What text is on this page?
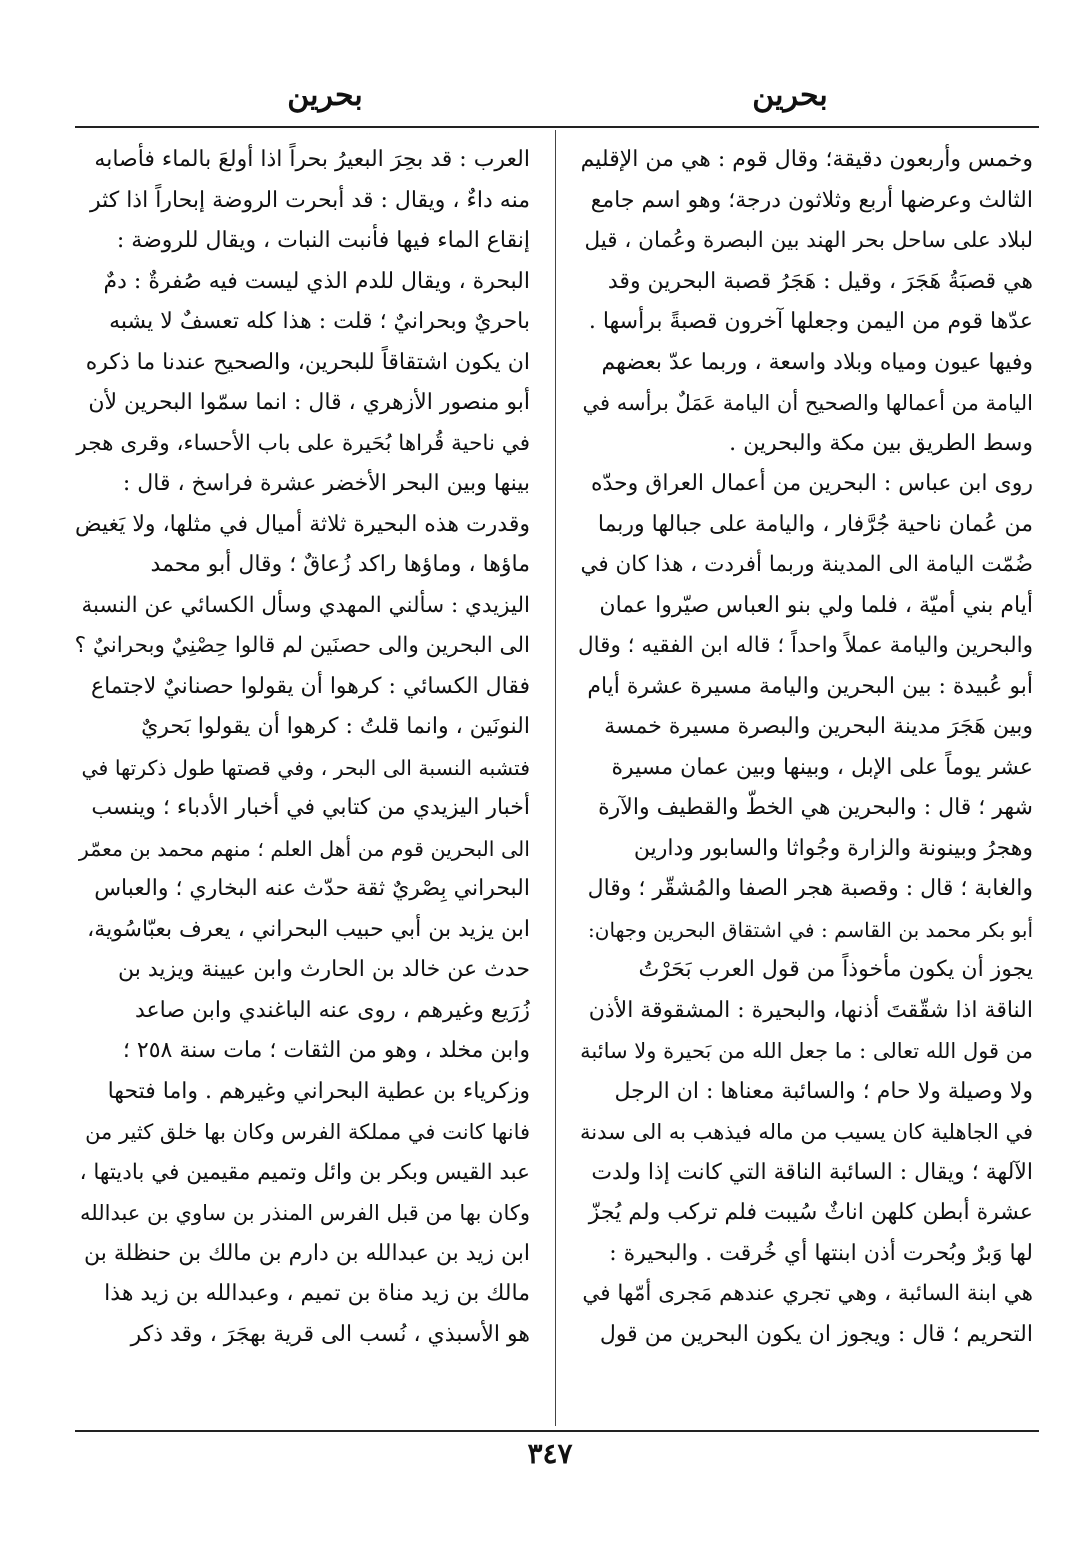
بحرين
بحرين
وخمس وأربعون دقيقة؛ وقال قوم : هي من الإقليم
الثالث وعرضها أربع وثلاثون درجة؛ وهو اسم جامع
لبلاد على ساحل بحر الهند بين البصرة وعُمان ، قيل
هي قصبَةُ هَجَرَ ، وقيل : هَجَرُ قصبة البحرين وقد
عدّها قوم من اليمن وجعلها آخرون قصبةً برأسها .
وفيها عيون ومياه وبلاد واسعة ، وربما عدّ بعضهم
اليامة من أعمالها والصحيح أن اليامة عَمَلٌ برأسه في
وسط الطريق بين مكة والبحرين .
روى ابن عباس : البحرين من أعمال العراق وحدّه
من عُمان ناحية جُرَّفار ، واليامة على جبالها وربما
ضُمّت اليامة الى المدينة وربما أفردت ، هذا كان في
أيام بني أميّة ، فلما ولي بنو العباس صيّروا عمان
والبحرين واليامة عملاً واحداً ؛ قاله ابن الفقيه ؛ وقال
أبو عُبيدة : بين البحرين واليامة مسيرة عشرة أيام
وبين هَجَرَ مدينة البحرين والبصرة مسيرة خمسة
عشر يوماً على الإبل ، وبينها وبين عمان مسيرة
شهر ؛ قال : والبحرين هي الخطّ والقطيف والآرة
وهجرُ وبينونة والزارة وجُواثا والسابور ودارين
والغابة ؛ قال : وقصبة هجر الصفا والمُشقّر ؛ وقال
أبو بكر محمد بن القاسم : في اشتقاق البحرين وجهان:
يجوز أن يكون مأخوذاً من قول العرب بَحَرْتُ
الناقة اذا شقّقتَ أذنها، والبحيرة : المشقوقة الأذن
من قول الله تعالى : ما جعل الله من بَحيرة ولا سائبة
ولا وصيلة ولا حام ؛ والسائبة معناها : ان الرجل
في الجاهلية كان يسيب من ماله فيذهب به الى سدنة
الآلهة ؛ ويقال : السائبة الناقة التي كانت إذا ولدت
عشرة أبطن كلهن اناثٌ سُيبت فلم تركب ولم يُجزّ
لها وَبرٌ وبُحرت أذن ابنتها أي خُرقت . والبحيرة :
هي ابنة السائبة ، وهي تجري عندهم مَجرى أمّها في
التحريم ؛ قال : ويجوز ان يكون البحرين من قول
العرب : قد بحِرَ البعيرُ بحراً اذا أولعَ بالماء فأصابه
منه داءٌ ، ويقال : قد أبحرت الروضة إبحاراً اذا كثر
إنقاع الماء فيها فأنبت النبات ، ويقال للروضة :
البحرة ، ويقال للدم الذي ليست فيه صُفرةٌ : دمٌ
باحريٌ وبحرانيٌ ؛ قلت : هذا كله تعسفٌ لا يشبه
ان يكون اشتقاقاً للبحرين، والصحيح عندنا ما ذكره
أبو منصور الأزهري ، قال : انما سمّوا البحرين لأن
في ناحية قُراها بُحَيرة على باب الأحساء، وقرى هجر
بينها وبين البحر الأخضر عشرة فراسخ ، قال :
وقدرت هذه البحيرة ثلاثة أميال في مثلها، ولا يَغيض
ماؤها ، وماؤها راكد زُعاقٌ ؛ وقال أبو محمد
اليزيدي : سألني المهدي وسأل الكسائي عن النسبة
الى البحرين والى حصنَين لم قالوا حِصْنِيٌ وبحرانيٌ ؟
فقال الكسائي : كرهوا أن يقولوا حصنانيٌ لاجتماع
النونَين ، وانما قلتُ : كرهوا أن يقولوا بَحريٌ
فتشبه النسبة الى البحر ، وفي قصتها طول ذكرتها في
أخبار اليزيدي من كتابي في أخبار الأدباء ؛ وينسب
الى البحرين قوم من أهل العلم ؛ منهم محمد بن معمّر
البحراني بِصْريٌ ثقة حدّث عنه البخاري ؛ والعباس
ابن يزيد بن أبي حبيب البحراني ، يعرف بعبّاسُوية،
حدث عن خالد بن الحارث وابن عيينة ويزيد بن
زُرَيع وغيرهم ، روى عنه الباغندي وابن صاعد
وابن مخلد ، وهو من الثقات ؛ مات سنة ٢٥٨ ؛
وزكرياء بن عطية البحراني وغيرهم . واما فتحها
فانها كانت في مملكة الفرس وكان بها خلق كثير من
عبد القيس وبكر بن وائل وتميم مقيمين في باديتها ،
وكان بها من قبل الفرس المنذر بن ساوي بن عبدالله
ابن زيد بن عبدالله بن دارم بن مالك بن حنظلة بن
مالك بن زيد مناة بن تميم ، وعبدالله بن زيد هذا
هو الأسبذي ، نُسب الى قرية بهجَرَ ، وقد ذكر
٣٤٧
